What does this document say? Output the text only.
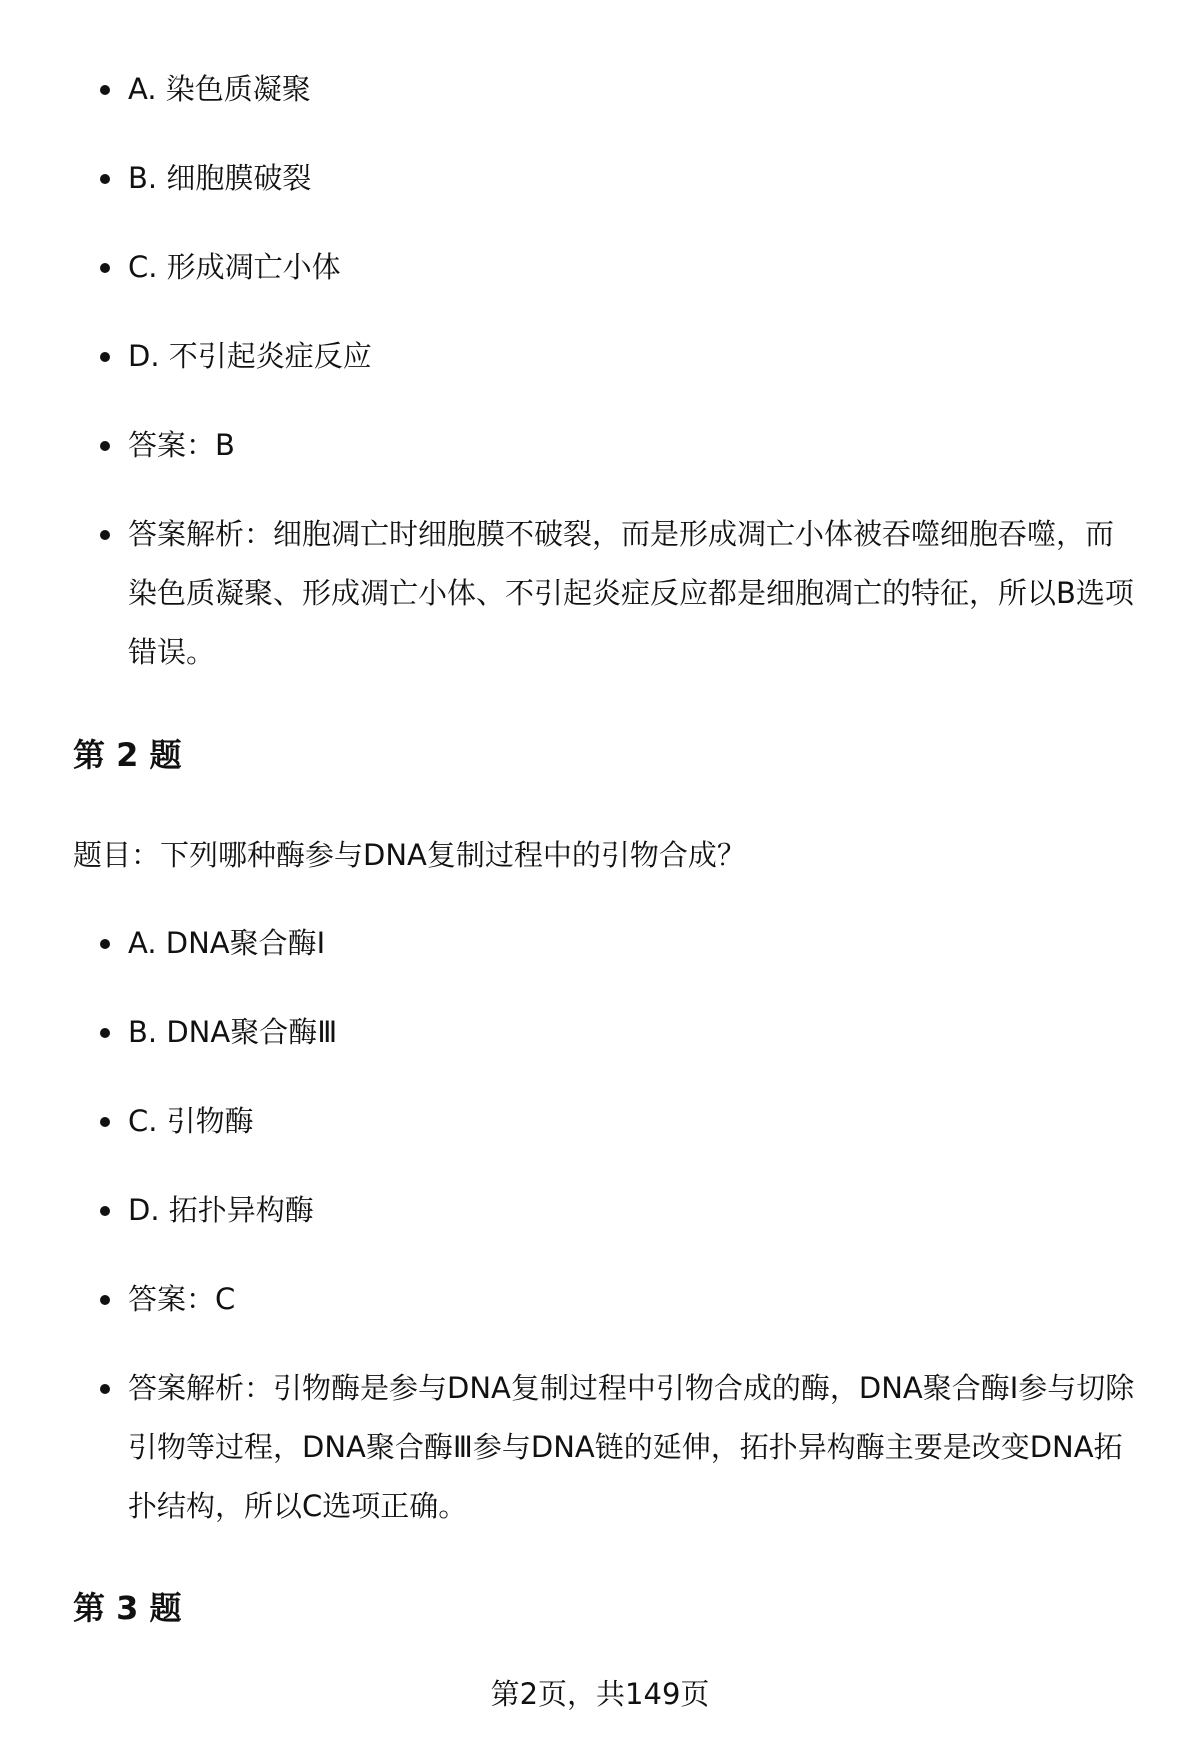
A. 染色质凝聚
B. 细胞膜破裂
C. 形成凋亡小体
D. 不引起炎症反应
答案：B
答案解析：细胞凋亡时细胞膜不破裂，而是形成凋亡小体被吞噬细胞吞噬，而染色质凝聚、形成凋亡小体、不引起炎症反应都是细胞凋亡的特征，所以B选项错误。
第 2 题
题目：下列哪种酶参与DNA复制过程中的引物合成？
A. DNA聚合酶Ⅰ
B. DNA聚合酶Ⅲ
C. 引物酶
D. 拓扑异构酶
答案：C
答案解析：引物酶是参与DNA复制过程中引物合成的酶，DNA聚合酶Ⅰ参与切除引物等过程，DNA聚合酶Ⅲ参与DNA链的延伸，拓扑异构酶主要是改变DNA拓扑结构，所以C选项正确。
第 3 题
第2页，共149页
